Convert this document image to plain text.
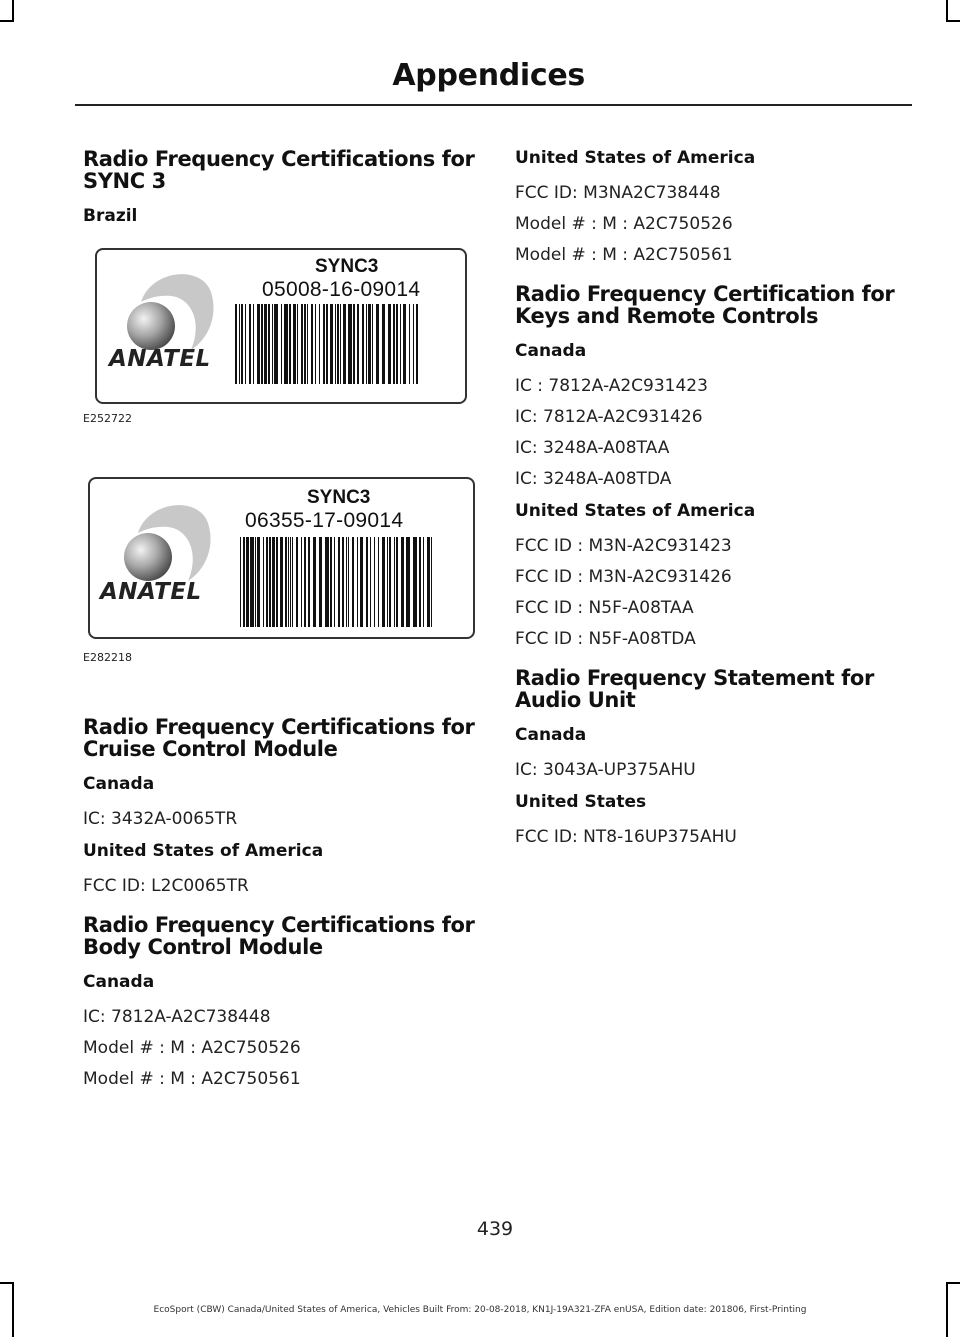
Appendices
Radio Frequency Certifications for SYNC 3
Brazil
ANATEL
SYNC3
05008-16-09014
E252722
ANATEL
SYNC3
06355-17-09014
E282218
Radio Frequency Certifications for Cruise Control Module
Canada

IC: 3432A-0065TR

United States of America

FCC ID: L2C0065TR

Radio Frequency Certifications for Body Control Module
Canada

IC: 7812A-A2C738448

Model # : M : A2C750526

Model # : M : A2C750561

United States of America

FCC ID: M3NA2C738448

Model # : M : A2C750526

Model # : M : A2C750561

Radio Frequency Certification for Keys and Remote Controls
Canada

IC : 7812A-A2C931423

IC: 7812A-A2C931426

IC: 3248A-A08TAA

IC: 3248A-A08TDA

United States of America

FCC ID : M3N-A2C931423

FCC ID : M3N-A2C931426

FCC ID : N5F-A08TAA

FCC ID : N5F-A08TDA

Radio Frequency Statement for Audio Unit
Canada

IC: 3043A-UP375AHU

United States

FCC ID: NT8-16UP375AHU

439
EcoSport (CBW) Canada/United States of America, Vehicles Built From: 20-08-2018, KN1J-19A321-ZFA enUSA, Edition date: 201806, First-Printing
